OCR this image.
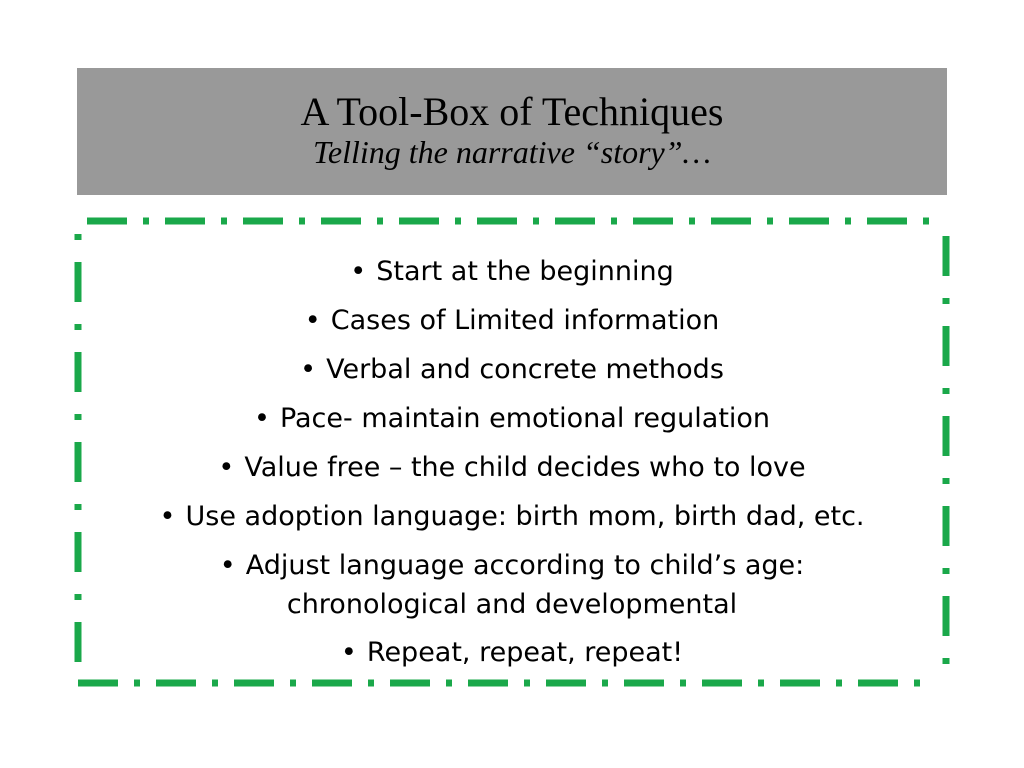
A Tool-Box of Techniques
Telling the narrative “story”…
• Start at the beginning
• Cases of Limited information
• Verbal and concrete methods
• Pace- maintain emotional regulation
• Value free – the child decides who to love
• Use adoption language: birth mom, birth dad, etc.
• Adjust language according to child’s age:
chronological and developmental
• Repeat, repeat, repeat!
